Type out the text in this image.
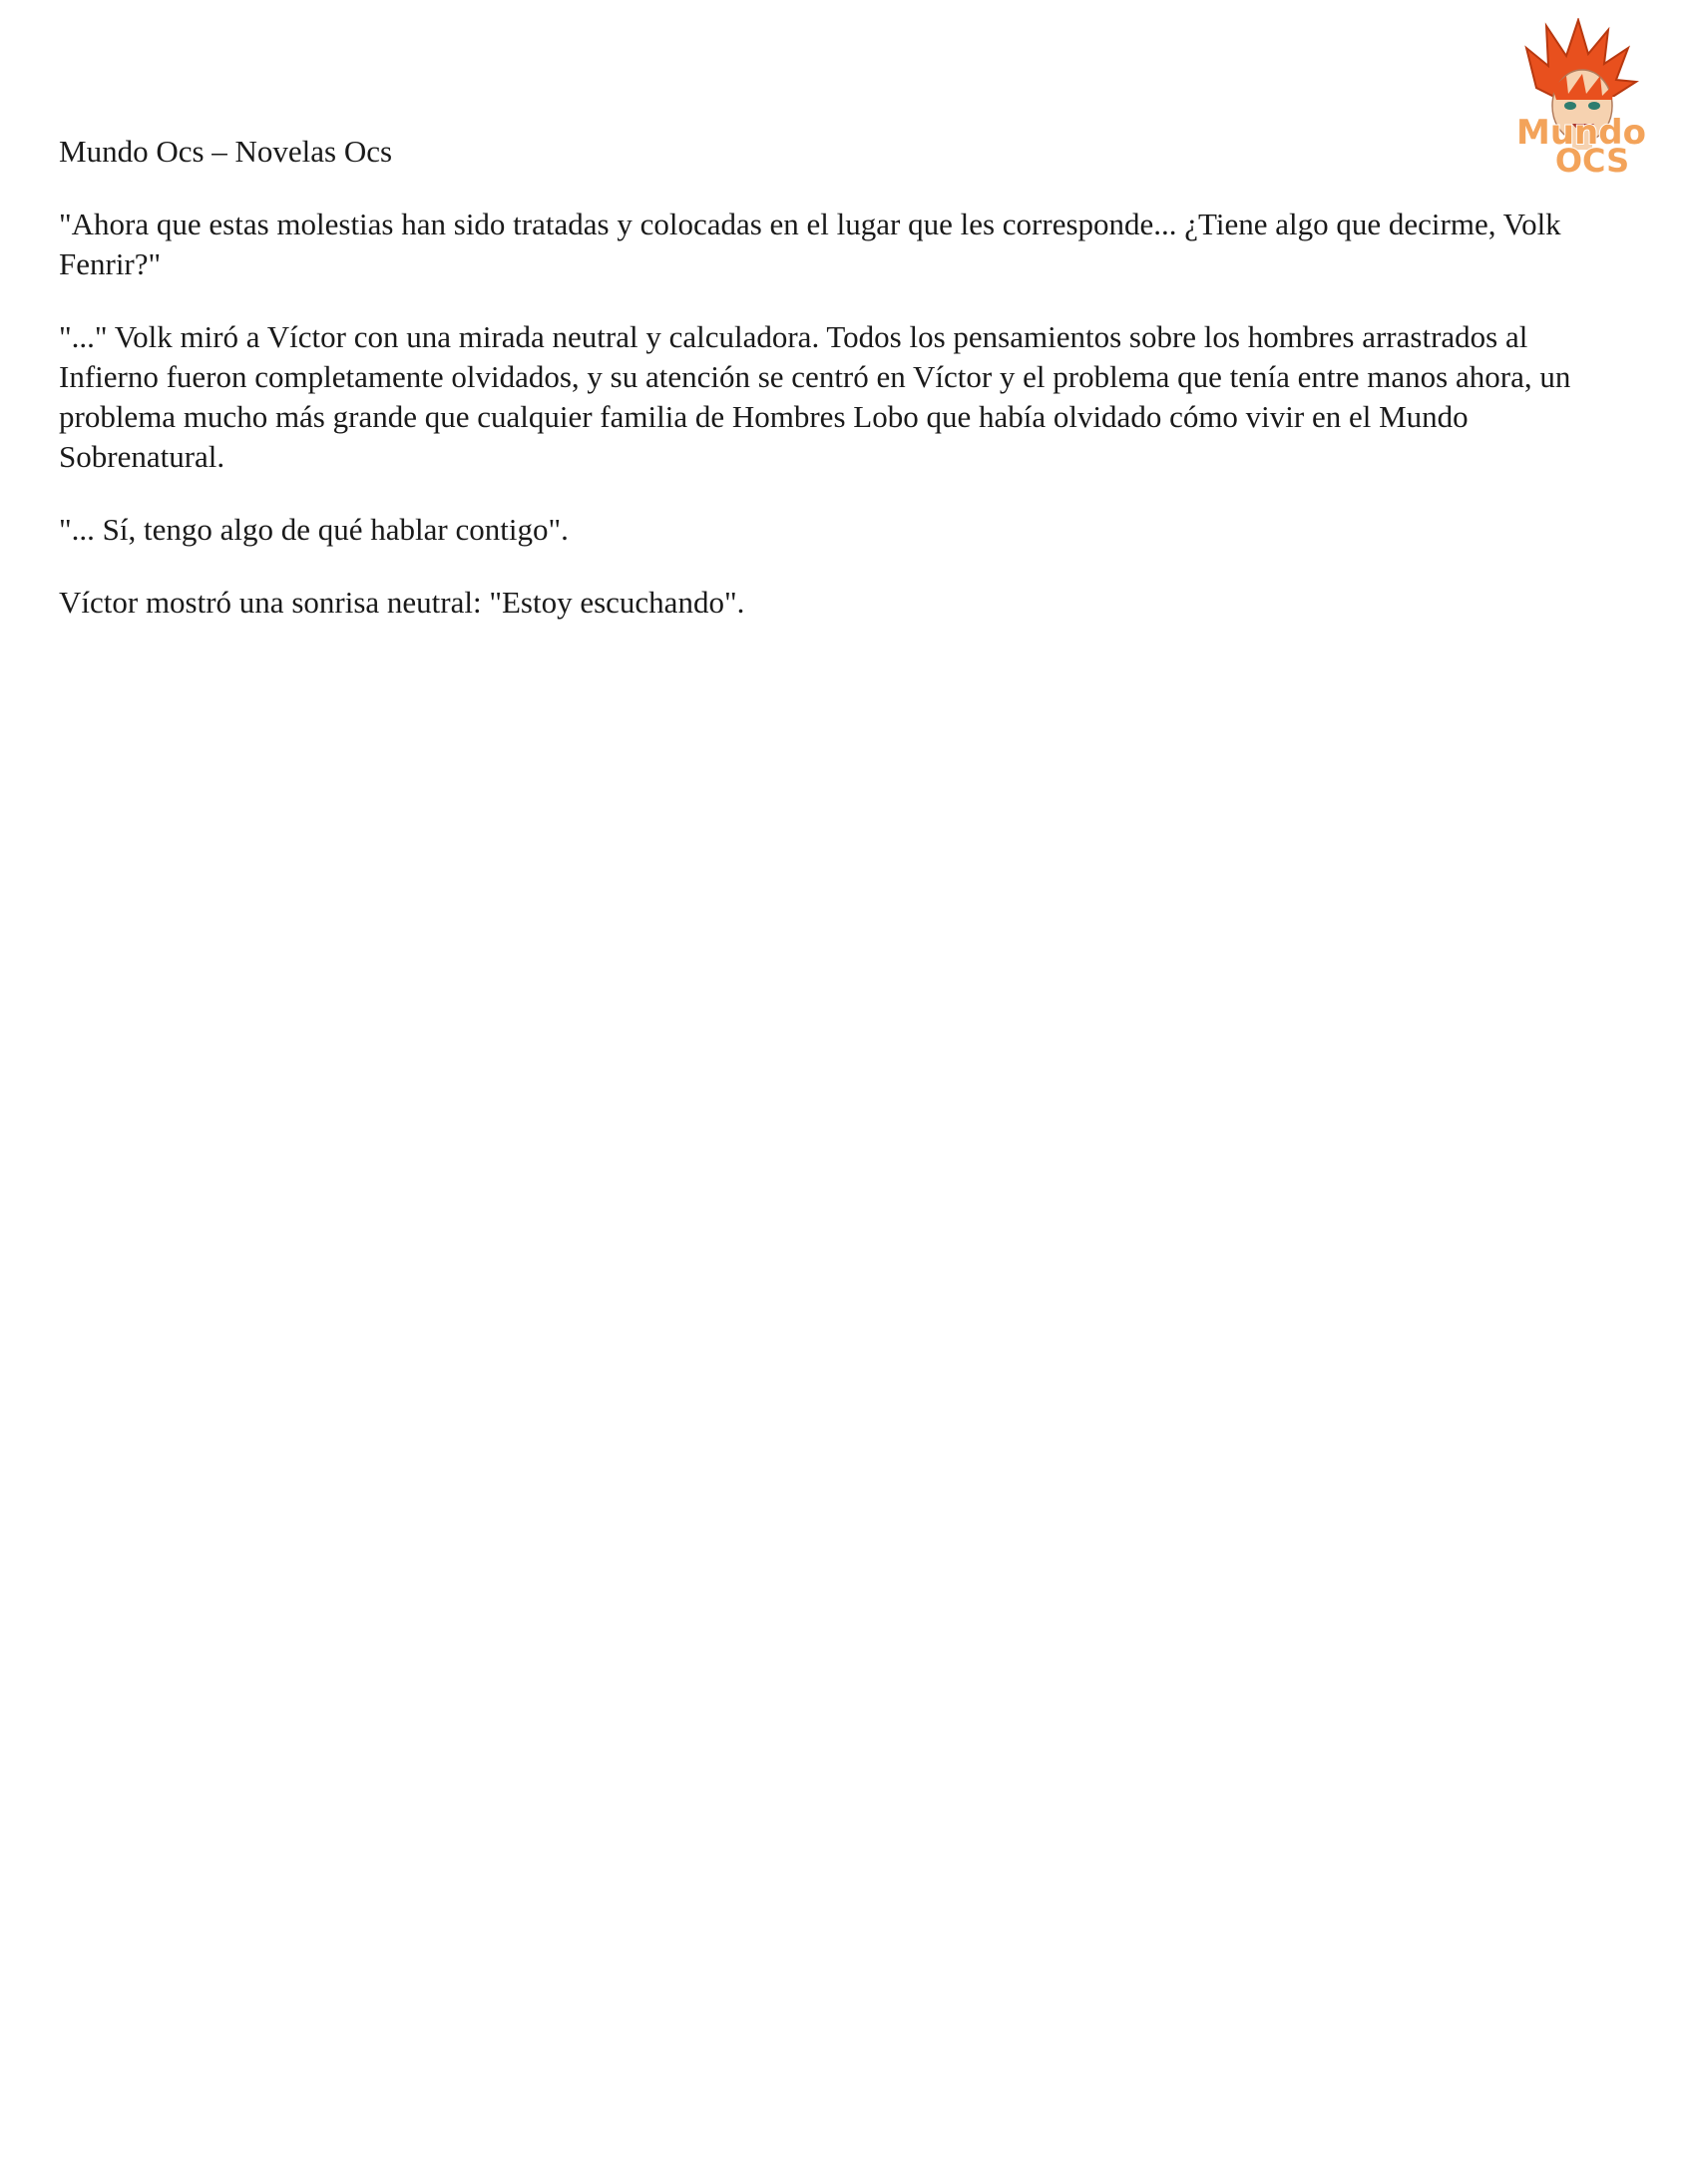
Mundo
OCS
Mundo Ocs – Novelas Ocs

"Ahora que estas molestias han sido tratadas y colocadas en el lugar que les corresponde... ¿Tiene algo que decirme, Volk Fenrir?"

"..." Volk miró a Víctor con una mirada neutral y calculadora. Todos los pensamientos sobre los hombres arrastrados al Infierno fueron completamente olvidados, y su atención se centró en Víctor y el problema que tenía entre manos ahora, un problema mucho más grande que cualquier familia de Hombres Lobo que había olvidado cómo vivir en el Mundo Sobrenatural.

"... Sí, tengo algo de qué hablar contigo".

Víctor mostró una sonrisa neutral: "Estoy escuchando".
